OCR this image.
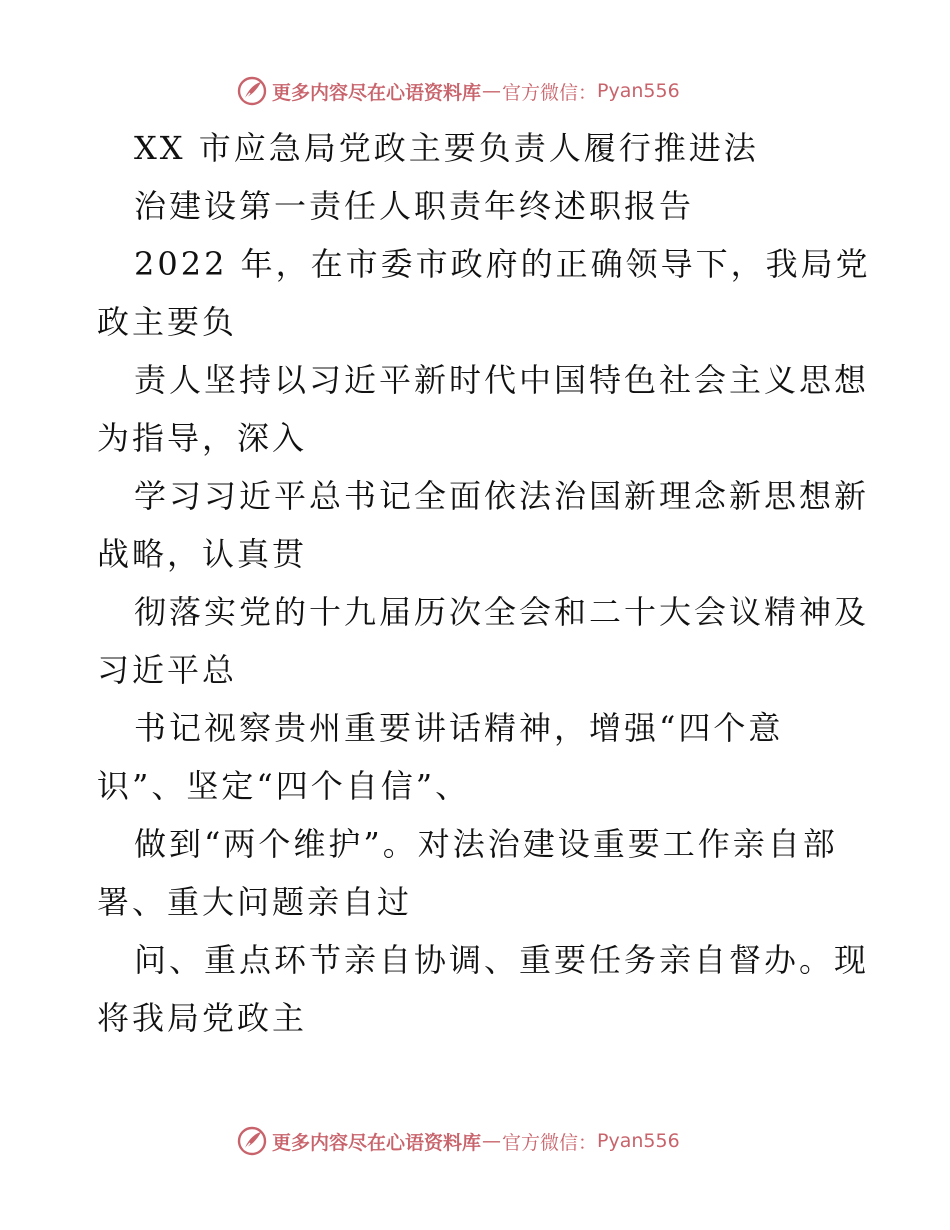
更多内容尽在心语资料库 — 官方微信： Pyan556
XX 市应急局党政主要负责人履行推进法
治建设第一责任人职责年终述职报告
2022 年，在市委市政府的正确领导下，我局党
政主要负
责人坚持以习近平新时代中国特色社会主义思想
为指导，深入
学习习近平总书记全面依法治国新理念新思想新
战略，认真贯
彻落实党的十九届历次全会和二十大会议精神及
习近平总
书记视察贵州重要讲话精神，增强“四个意
识”、坚定“四个自信”、
做到“两个维护”。对法治建设重要工作亲自部
署、重大问题亲自过
问、重点环节亲自协调、重要任务亲自督办。现
将我局党政主
更多内容尽在心语资料库 — 官方微信： Pyan556
